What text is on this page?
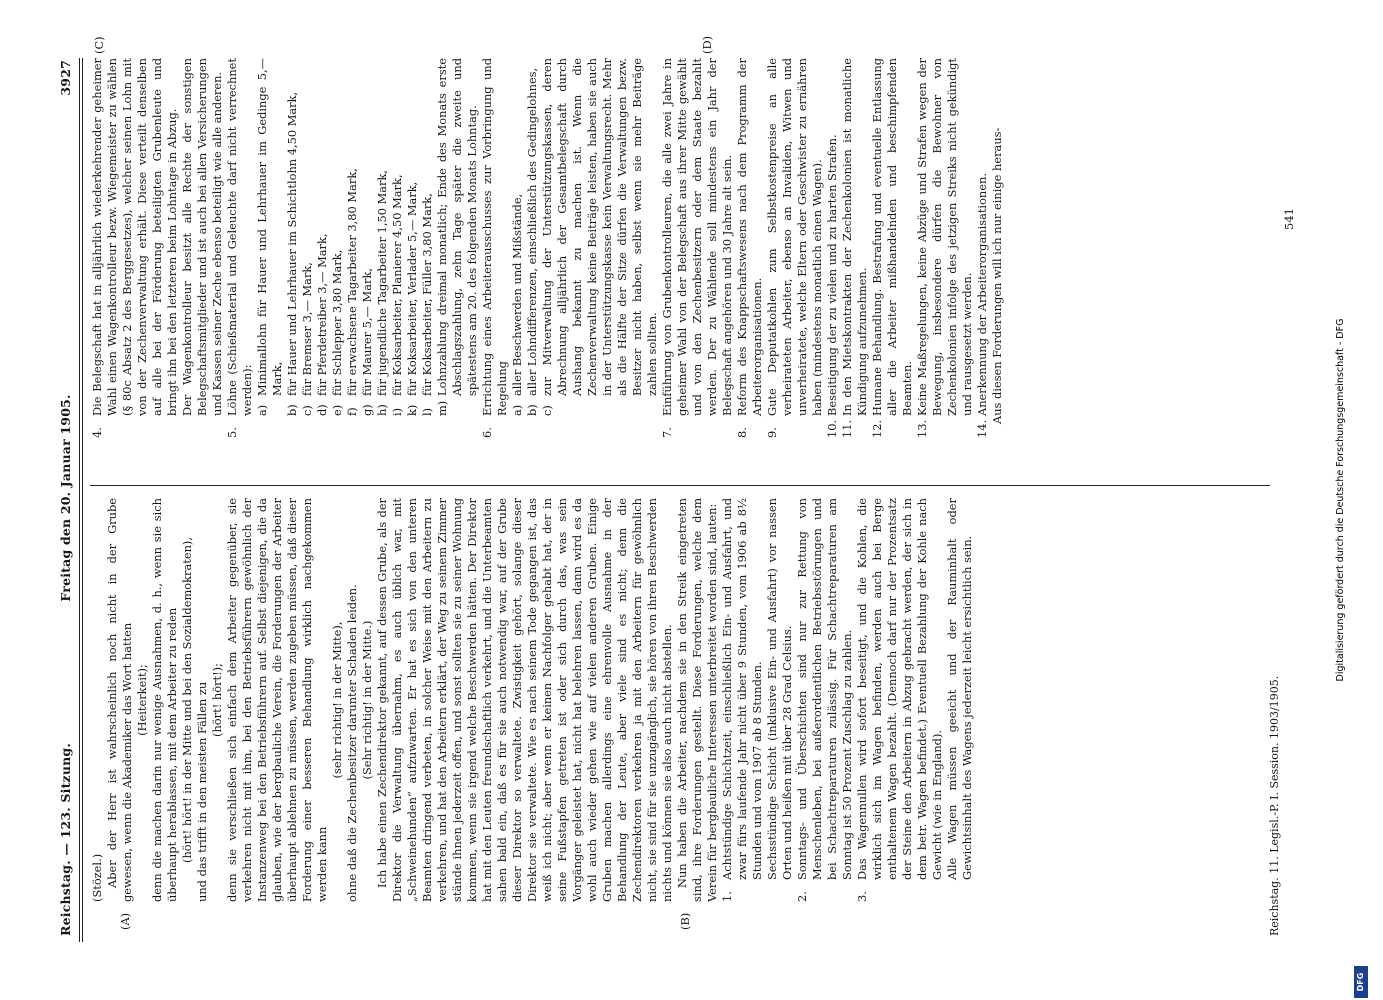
Reichstag. — 123. Sitzung.
Freitag den 20. Januar 1905.
3927
(A)	(B)
(C)	(D)

(Stözel.) Aber der Herr ist wahrscheinlich noch nicht in der Grube gewesen, wenn die Akademiker das Wort hatten (Heiterkeit); denn die machen darin nur wenige Ausnahmen, d. h., wenn sie sich überhaupt herablassen, mit dem Arbeiter zu reden (hört! hört! in der Mitte und bei den Sozialdemokraten), und das trifft in den meisten Fällen zu (hört! hört!); denn sie verschließen sich einfach dem Arbeiter gegenüber, sie verkehren nicht mit ihm, bei den Betriebsführern gewöhnlich der Instanzenweg bei den Betriebsführern auf. Selbst diejenigen, die da glauben, wie der bergbauliche Verein, die Forderungen der Arbeiter überhaupt ablehnen zu müssen, werden zugeben müssen, daß dieser Forderung einer besseren Behandlung wirklich nachgekommen werden kann

(sehr richtig! in der Mitte), ohne daß die Zechenbesitzer darunter Schaden leiden. (Sehr richtig! in der Mitte.) Ich habe einen Zechendirektor gekannt, auf dessen Grube, als der Direktor die Verwaltung übernahm, es auch üblich war, mit „Schweinehunden“ aufzuwarten. Er hat es sich von den unteren Beamten dringend verbeten, in solcher Weise mit den Arbeitern zu verkehren, und hat den Arbeitern erklärt, der Weg zu seinem Zimmer stände ihnen jederzeit offen, und sonst sollten sie zu seiner Wohnung kommen, wenn sie irgend welche Beschwerden hätten. Der Direktor hat mit den Leuten freundschaftlich verkehrt, und die Unterbeamten sahen bald ein, daß es für sie auch notwendig war, auf der Grube dieser Direktor so verwaltete. Zwistigkeit gehört, solange dieser Direktor sie verwaltete. Wie es nach seinem Tode gegangen ist, das weiß ich nicht; aber wenn er keinen Nachfolger gehabt hat, der in seine Fußstapfen getreten ist oder sich durch das, was sein Vorgänger geleistet hat, nicht hat belehren lassen, dann wird es da wohl auch wieder gehen wie auf vielen anderen Gruben. Einige Gruben machen allerdings eine ehrenvolle Ausnahme in der Behandlung der Leute, aber viele sind es nicht; denn die Zechendirektoren verkehren ja mit den Arbeitern für gewöhnlich nicht, sie sind für sie unzugänglich, sie hören von ihren Beschwerden nichts und können sie also auch nicht abstellen. Nun haben die Arbeiter, nachdem sie in den Streik eingetreten sind, ihre Forderungen gestellt. Diese Forderungen, welche dem Verein für bergbauliche Interessen unterbreitet worden sind, lauten: 1.
Achtstündige Schichtzeit, einschließlich Ein- und Ausfahrt, und zwar fürs laufende Jahr nicht über 9 Stunden, vom 1906 ab 8½ Stunden und vom 1907 ab 8 Stunden. Sechsstündige Schicht (inklusive Ein- und Ausfahrt) vor nassen Orten und heißen mit über 28 Grad Celsius.
2.
Sonntags- und Überschichten sind nur zur Rettung von Menschenleben, bei außerordentlichen Betriebsstörungen und bei Schachtreparaturen zulässig. Für Schachtreparaturen am Sonntag ist 50 Prozent Zuschlag zu zahlen.
3.
Das Wagennullen wird sofort beseitigt, und die Kohlen, die wirklich sich im Wagen befinden, werden auch bei Berge enthaltenem Wagen bezahlt. (Dennoch darf nur der Prozentsatz der Steine den Arbeitern in Abzug gebracht werden, der sich in dem betr. Wagen befindet.) Eventuell Bezahlung der Kohle nach Gewicht (wie in England). Alle Wagen müssen geeicht und der Rauminhalt oder Gewichtsinhalt des Wagens jederzeit leicht ersichtlich sein.
4.
Die Belegschaft hat in alljährlich wiederkehrender geheimer Wahl einen Wagenkontrolleur bezw. Wiegemeister zu wählen (§ 80c Absatz 2 des Berggesetzes), welcher seinen Lohn mit von der Zechenverwaltung erhält. Diese verteilt denselben auf alle bei der Förderung beteiligten Grubenleute und bringt ihn bei den letzteren beim Lohntage in Abzug. Der Wagenkontrolleur besitzt alle Rechte der sonstigen Belegschaftsmitglieder und ist auch bei allen Versicherungen und Kassen seiner Zeche ebenso beteiligt wie alle anderen.
5.
Löhne (Schießmaterial und Geleuchte darf nicht verrechnet werden): a)
Minimallohn für Hauer und Lehrhauer im Gedinge 5,— Mark,
b)
für Hauer und Lehrhauer im Schichtlohn 4,50 Mark,
c)
für Bremser 3,— Mark,
d)
für Pferdetreiber 3,— Mark,
e)
für Schlepper 3,80 Mark,
f)
für erwachsene Tagarbeiter 3,80 Mark,
g)
für Maurer 5,— Mark,
h)
für jugendliche Tagarbeiter 1,50 Mark,
i)
für Koksarbeiter, Planierer 4,50 Mark,
k)
für Koksarbeiter, Verlader 5,— Mark,
l)
für Koksarbeiter, Füller 3,80 Mark,
m)
Lohnzahlung dreimal monatlich; Ende des Monats erste Abschlagszahlung, zehn Tage später die zweite und spätestens am 20. des folgenden Monats Lohntag.
6.
Errichtung eines Arbeiterausschusses zur Vorbringung und Regelung a)
aller Beschwerden und Mißstände,
b)
aller Lohndifferenzen, einschließlich des Gedingelohnes,
c)
zur Mitverwaltung der Unterstützungskassen, deren Abrechnung alljährlich der Gesamtbelegschaft durch Aushang bekannt zu machen ist. Wenn die Zechenverwaltung keine Beiträge leisten, haben sie auch in der Unterstützungskasse kein Verwaltungsrecht. Mehr als die Hälfte der Sitze dürfen die Verwaltungen bezw. Besitzer nicht haben, selbst wenn sie mehr Beiträge zahlen sollten.
7.
Einführung von Grubenkontrolleuren, die alle zwei Jahre in geheimer Wahl von der Belegschaft aus ihrer Mitte gewählt und von den Zechenbesitzern oder dem Staate bezahlt werden. Der zu Wählende soll mindestens ein Jahr der Belegschaft angehören und 30 Jahre alt sein.
8.
Reform des Knappschaftswesens nach dem Programm der Arbeiterorganisationen.
9.
Gute Deputatkohlen zum Selbstkostenpreise an alle verheirateten Arbeiter, ebenso an Invaliden, Witwen und unverheiratete, welche Eltern oder Geschwister zu ernähren haben (mindestens monatlich einen Wagen).
10.
Beseitigung der zu vielen und zu harten Strafen.
11.
In den Mietskontrakten der Zechenkolonien ist monatliche Kündigung aufzunehmen.
12.
Humane Behandlung. Bestrafung und eventuelle Entlassung aller die Arbeiter mißhandelnden und beschimpfenden Beamten.
13.
Keine Maßregelungen, keine Abzüge und Strafen wegen der Bewegung, insbesondere dürfen die Bewohner von Zechenkolonien infolge des jetzigen Streiks nicht gekündigt und rausgesetzt werden.
14.
Anerkennung der Arbeiterorganisationen. Aus diesen Forderungen will ich nur einige heraus-

Reichstag. 11. Legisl.-P. I. Session. 1903/1905.
541
Digitalisierung gefördert durch die Deutsche Forschungsgemeinschaft - DFG
DFG
